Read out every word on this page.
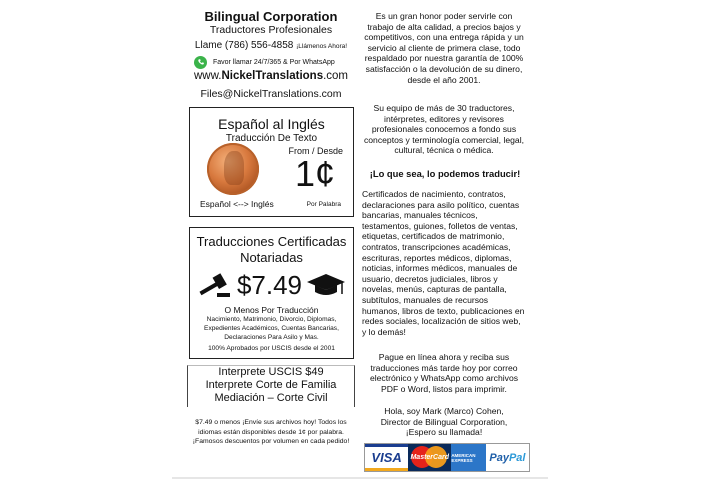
Bilingual Corporation
Traductores Profesionales
Llame (786) 556-4858 ¡Llámenos Ahora!
Favor llamar 24/7/365 & Por WhatsApp
www.NickelTranslations.com
Files@NickelTranslations.com
Español al Inglés
Traducción De Texto
From / Desde
1¢
Español <--> Inglés	Por Palabra
Traducciones Certificadas
Notariadas
$7.49
O Menos Por Traducción
Nacimiento, Matrimonio, Divorcio, Diplomas, Expedientes Académicos, Cuentas Bancarias, Declaraciones Para Asilo y Mas.
100% Aprobados por USCIS desde el 2001
Interprete USCIS $49
Interprete Corte de Familia
Mediación – Corte Civil
$7.49 o menos ¡Envíe sus archivos hoy! Todos los idiomas están disponibles desde 1¢ por palabra. ¡Famosos descuentos por volumen en cada pedido!
Es un gran honor poder servirle con trabajo de alta calidad, a precios bajos y competitivos, con una entrega rápida y un servicio al cliente de primera clase, todo respaldado por nuestra garantía de 100% satisfacción o la devolución de su dinero, desde el año 2001.
Su equipo de más de 30 traductores, intérpretes, editores y revisores profesionales conocemos a fondo sus conceptos y terminología comercial, legal, cultural, técnica o médica.
¡Lo que sea, lo podemos traducir!
Certificados de nacimiento, contratos, declaraciones para asilo político, cuentas bancarias, manuales técnicos, testamentos, guiones, folletos de ventas, etiquetas, certificados de matrimonio, contratos, transcripciones académicas, escrituras, reportes médicos, diplomas, noticias, informes médicos, manuales de usuario, decretos judiciales, libros y novelas, menús, capturas de pantalla, subtítulos, manuales de recursos humanos, libros de texto, publicaciones en redes sociales, localización de sitios web, y lo demás!
Pague en línea ahora y reciba sus traducciones más tarde hoy por correo electrónico y WhatsApp como archivos PDF o Word, listos para imprimir.
Hola, soy Mark (Marco) Cohen,
Director de Bilingual Corporation,
¡Espero su llamada!
VISA	MasterCard AMERICAN EXPRESS	Pay Pal
